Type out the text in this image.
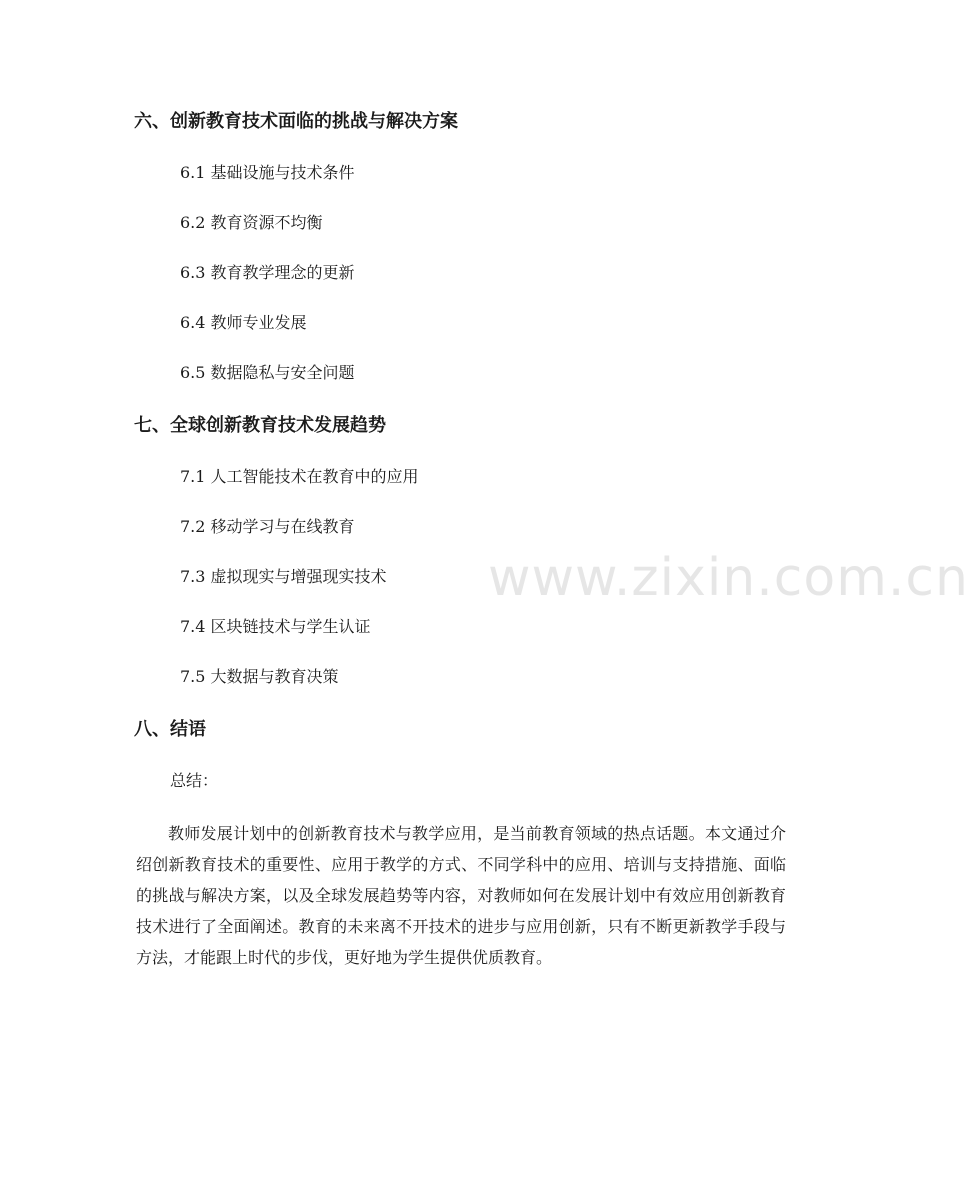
www.zixin.com.cn
六、创新教育技术面临的挑战与解决方案

6.1 基础设施与技术条件

6.2 教育资源不均衡

6.3 教育教学理念的更新

6.4 教师专业发展

6.5 数据隐私与安全问题

七、全球创新教育技术发展趋势

7.1 人工智能技术在教育中的应用

7.2 移动学习与在线教育

7.3 虚拟现实与增强现实技术

7.4 区块链技术与学生认证

7.5 大数据与教育决策

八、结语

总结：

教师发展计划中的创新教育技术与教学应用，是当前教育领域的热点话题。本文通过介绍创新教育技术的重要性、应用于教学的方式、不同学科中的应用、培训与支持措施、面临的挑战与解决方案，以及全球发展趋势等内容，对教师如何在发展计划中有效应用创新教育技术进行了全面阐述。教育的未来离不开技术的进步与应用创新，只有不断更新教学手段与方法，才能跟上时代的步伐，更好地为学生提供优质教育。
